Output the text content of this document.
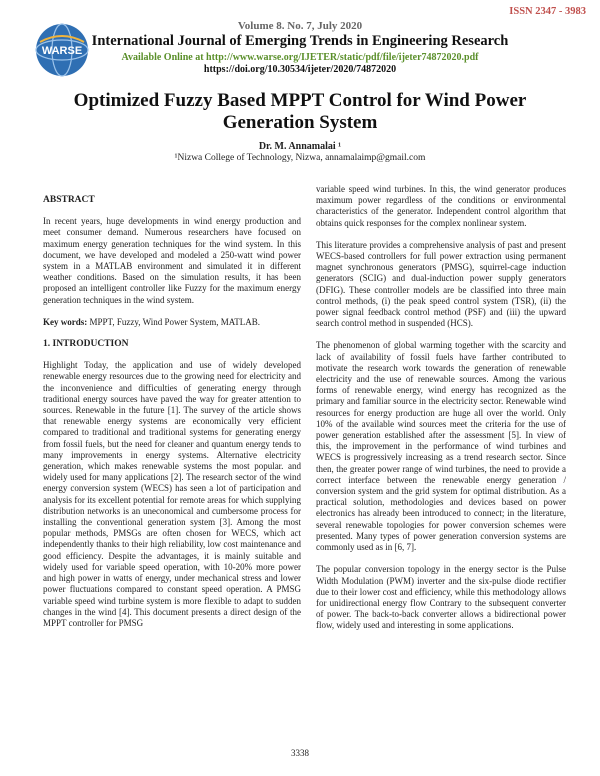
WARSE
ISSN 2347 - 3983
Volume 8. No. 7, July 2020
International Journal of Emerging Trends in Engineering Research
Available Online at http://www.warse.org/IJETER/static/pdf/file/ijeter74872020.pdf
https://doi.org/10.30534/ijeter/2020/74872020
Optimized Fuzzy Based MPPT Control for Wind Power Generation System
Dr. M. Annamalai ¹
¹Nizwa College of Technology, Nizwa, annamalaimp@gmail.com
ABSTRACT

In recent years, huge developments in wind energy production and meet consumer demand. Numerous researchers have focused on maximum energy generation techniques for the wind system. In this document, we have developed and modeled a 250-watt wind power system in a MATLAB environment and simulated it in different weather conditions. Based on the simulation results, it has been proposed an intelligent controller like Fuzzy for the maximum energy generation techniques in the wind system.

Key words: MPPT, Fuzzy, Wind Power System, MATLAB.

1. INTRODUCTION

Highlight Today, the application and use of widely developed renewable energy resources due to the growing need for electricity and the inconvenience and difficulties of generating energy through traditional energy sources have paved the way for greater attention to sources. Renewable in the future [1]. The survey of the article shows that renewable energy systems are economically very efficient compared to traditional and traditional systems for generating energy from fossil fuels, but the need for cleaner and quantum energy tends to many improvements in energy systems. Alternative electricity generation, which makes renewable systems the most popular. and widely used for many applications [2]. The research sector of the wind energy conversion system (WECS) has seen a lot of participation and analysis for its excellent potential for remote areas for which supplying distribution networks is an uneconomical and cumbersome process for installing the conventional generation system [3]. Among the most popular methods, PMSGs are often chosen for WECS, which act independently thanks to their high reliability, low cost maintenance and good efficiency. Despite the advantages, it is mainly suitable and widely used for variable speed operation, with 10-20% more power and high power in watts of energy, under mechanical stress and lower power fluctuations compared to constant speed operation. A PMSG variable speed wind turbine system is more flexible to adapt to sudden changes in the wind [4]. This document presents a direct design of the MPPT controller for PMSG

variable speed wind turbines. In this, the wind generator produces maximum power regardless of the conditions or environmental characteristics of the generator. Independent control algorithm that obtains quick responses for the complex nonlinear system.

This literature provides a comprehensive analysis of past and present WECS-based controllers for full power extraction using permanent magnet synchronous generators (PMSG), squirrel-cage induction generators (SCIG) and dual-induction power supply generators (DFIG). These controller models are be classified into three main control methods, (i) the peak speed control system (TSR), (ii) the power signal feedback control method (PSF) and (iii) the upward search control method in suspended (HCS).

The phenomenon of global warming together with the scarcity and lack of availability of fossil fuels have farther contributed to motivate the research work towards the generation of renewable electricity and the use of renewable sources. Among the various forms of renewable energy, wind energy has recognized as the primary and familiar source in the electricity sector. Renewable wind resources for energy production are huge all over the world. Only 10% of the available wind sources meet the criteria for the use of power generation established after the assessment [5]. In view of this, the improvement in the performance of wind turbines and WECS is progressively increasing as a trend research sector. Since then, the greater power range of wind turbines, the need to provide a correct interface between the renewable energy generation / conversion system and the grid system for optimal distribution. As a practical solution, methodologies and devices based on power electronics has already been introduced to connect; in the literature, several renewable topologies for power conversion schemes were presented. Many types of power generation conversion systems are commonly used as in [6, 7].

The popular conversion topology in the energy sector is the Pulse Width Modulation (PWM) inverter and the six-pulse diode rectifier due to their lower cost and efficiency, while this methodology allows for unidirectional energy flow Contrary to the subsequent converter of power. The back-to-back converter allows a bidirectional power flow, widely used and interesting in some applications.

3338
